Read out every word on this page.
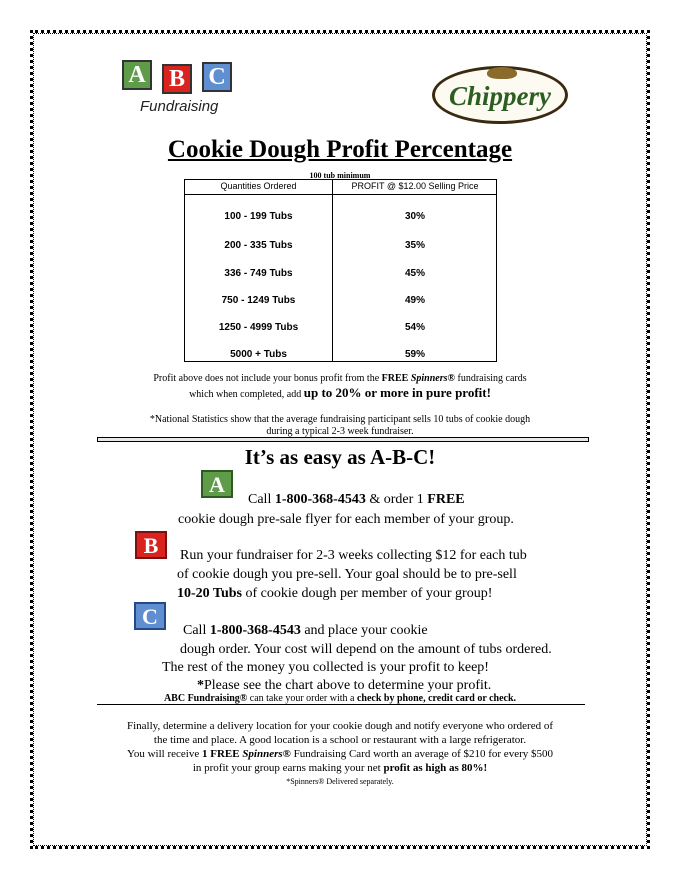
A B C
Fundraising	Chippery
Cookie Dough Profit Percentage
100 tub minimum
Quantities Ordered	PROFIT @ $12.00 Selling Price
100 - 199 Tubs	30%
200 - 335 Tubs	35%
336 - 749 Tubs	45%
750 - 1249 Tubs	49%
1250 - 4999 Tubs	54%
5000 + Tubs	59%
Profit above does not include your bonus profit from the FREE Spinners® fundraising cards
which when completed, add up to 20% or more in pure profit!
*National Statistics show that the average fundraising participant sells 10 tubs of cookie dough
during a typical 2-3 week fundraiser.
It’s as easy as A-B-C!
A
Call 1-800-368-4543 & order 1 FREE
cookie dough pre-sale flyer for each member of your group.
B	Run your fundraiser for 2-3 weeks collecting $12 for each tub
of cookie dough you pre-sell. Your goal should be to pre-sell
10-20 Tubs of cookie dough per member of your group!
C
Call 1-800-368-4543 and place your cookie
dough order. Your cost will depend on the amount of tubs ordered.
The rest of the money you collected is your profit to keep!
*Please see the chart above to determine your profit.
ABC Fundraising® can take your order with a check by phone, credit card or check.
Finally, determine a delivery location for your cookie dough and notify everyone who ordered of
the time and place. A good location is a school or restaurant with a large refrigerator.
You will receive 1 FREE Spinners® Fundraising Card worth an average of $210 for every $500
in profit your group earns making your net profit as high as 80%!
*Spinners® Delivered separately.
